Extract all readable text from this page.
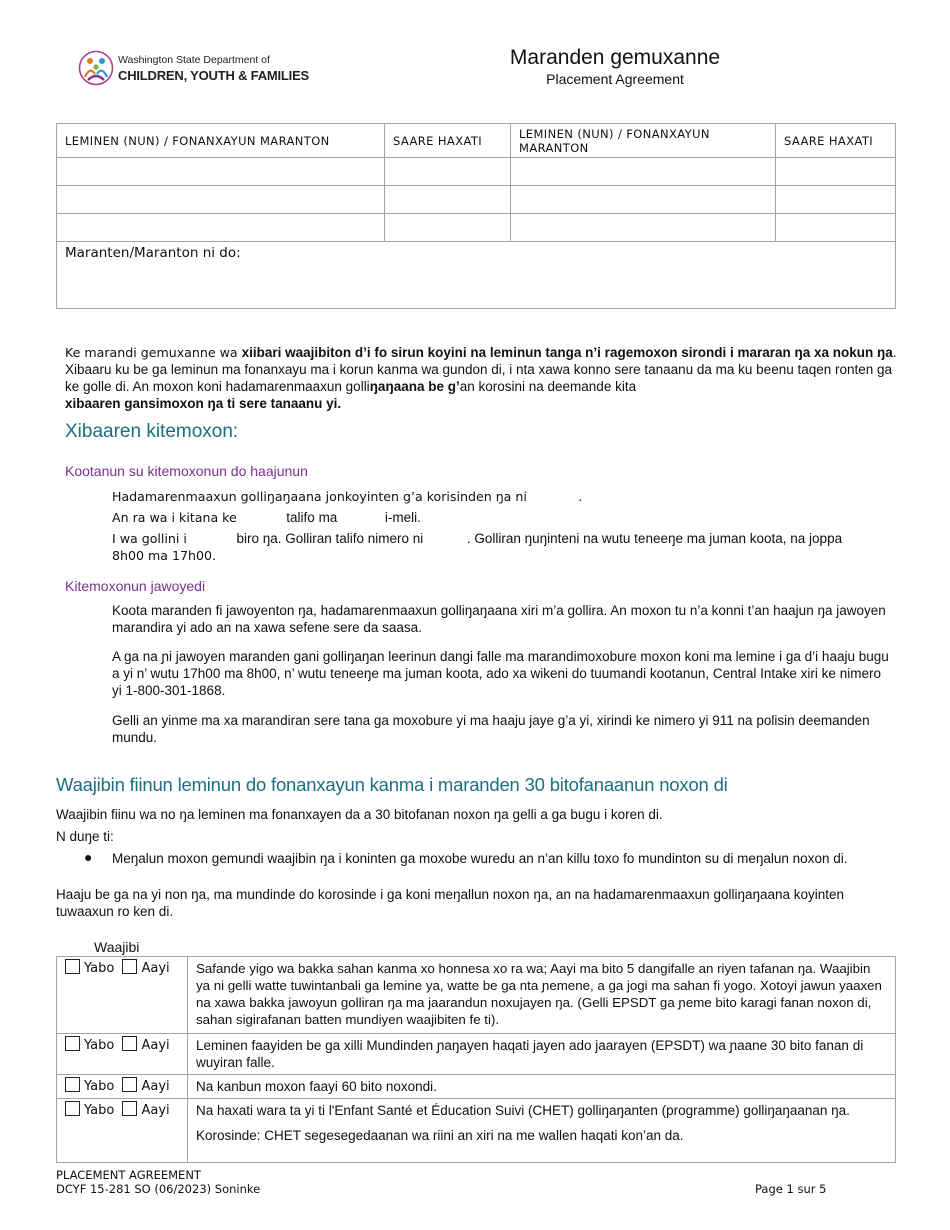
Washington State Department of
CHILDREN, YOUTH & FAMILIES
Maranden gemuxanne
Placement Agreement
LEMINEN (NUN) / FONANXAYUN MARANTON	SAARE HAXATI	LEMINEN (NUN) / FONANXAYUN MARANTON	SAARE HAXATI

Maranten/Maranton ni do:			
Ke marandi gemuxanne wa xiibari waajibiton d’i fo sirun koyini na leminun tanga n’i ragemoxon sirondi i mararan ŋa xa nokun ŋa. Xibaaru ku be ga leminun ma fonanxayu ma i korun kanma wa gundon di, i nta xawa konno sere tanaanu da ma ku beenu taqen ronten ga ke golle di. An moxon koni hadamarenmaaxun golliŋaŋaana be g’an korosini na deemande kita
xibaaren gansimoxon ŋa ti sere tanaanu yi.
Xibaaren kitemoxon:
Kootanun su kitemoxonun do haajunun
Hadamarenmaaxun golliŋaŋaana jonkoyinten g’a korisinden ŋa ni	.
An ra wa i kitana ke	talifo ma	i-meli.
I wa gollini i	biro ŋa. Golliran talifo nimero ni	. Golliran ŋuŋinteni na wutu teneeŋe ma juman koota, na joppa
8h00 ma 17h00.
Kitemoxonun jawoyedi
Koota maranden fi jawoyenton ŋa, hadamarenmaaxun golliŋaŋaana xiri m’a gollira. An moxon tu n’a konni t’an haajun ŋa jawoyen marandira yi ado an na xawa sefene sere da saasa.
A ga na ɲi jawoyen maranden gani golliŋaŋan leerinun dangi falle ma marandimoxobure moxon koni ma lemine i ga d’i haaju bugu a yi n’ wutu 17h00 ma 8h00, n’ wutu teneeŋe ma juman koota, ado xa wikeni do tuumandi kootanun, Central Intake xiri ke nimero yi 1-800-301-1868.
Gelli an yinme ma xa marandiran sere tana ga moxobure yi ma haaju jaye g’a yi, xirindi ke nimero yi 911 na polisin deemanden mundu.
Waajibin fiinun leminun do fonanxayun kanma i maranden 30 bitofanaanun noxon di
Waajibin fiinu wa no ŋa leminen ma fonanxayen da a 30 bitofanan noxon ŋa gelli a ga bugu i koren di.
N duŋe ti:
● Meŋalun moxon gemundi waajibin ŋa i koninten ga moxobe wuredu an n’an killu toxo fo mundinton su di meŋalun noxon di.
Haaju be ga na yi non ŋa, ma mundinde do korosinde i ga koni meŋallun noxon ŋa, an na hadamarenmaaxun golliŋaŋaana koyinten tuwaaxun ro ken di.
Waajibi
Yabo Aayi	Safande yigo wa bakka sahan kanma xo honnesa xo ra wa; Aayi ma bito 5 dangifalle an riyen tafanan ŋa. Waajibin ya ni gelli watte tuwintanbali ga lemine ya, watte be ga nta ɲemene, a ga jogi ma sahan fi yogo. Xotoyi jawun yaaxen na xawa bakka jawoyun golliran ŋa ma jaarandun noxujayen ŋa. (Gelli EPSDT ga ɲeme bito karagi fanan noxon di, sahan sigirafanan batten mundiyen waajibiten fe ti).
Yabo Aayi	Leminen faayiden be ga xilli Mundinden ɲaŋayen haqati jayen ado jaarayen (EPSDT) wa ɲaane 30 bito fanan di wuyiran falle.
Yabo Aayi	Na kanbun moxon faayi 60 bito noxondi.
Yabo Aayi	Na haxati wara ta yi ti l'Enfant Santé et Éducation Suivi (CHET) golliŋaŋanten (programme) golliŋaŋaanan ŋa.
Korosinde: CHET segesegedaanan wa riini an xiri na me wallen haqati kon’an da.
PLACEMENT AGREEMENT
DCYF 15-281 SO (06/2023) Soninke	Page 1 sur 5
